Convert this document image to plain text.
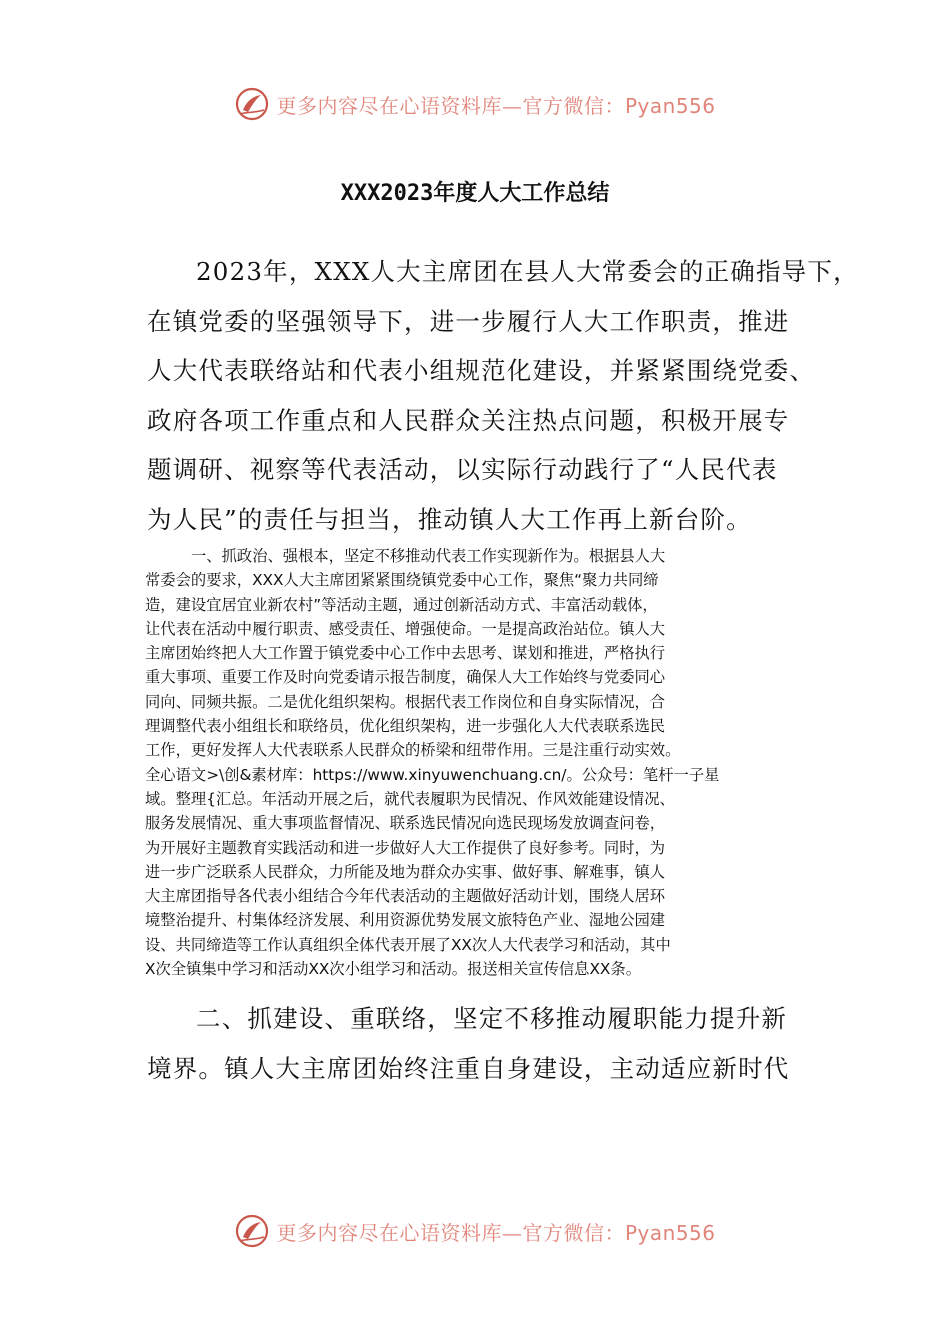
更多内容尽在心语资料库—官方微信：Pyan556
XXX2023年度人大工作总结
2023年，XXX人大主席团在县人大常委会的正确指导下，
在镇党委的坚强领导下，进一步履行人大工作职责，推进
人大代表联络站和代表小组规范化建设，并紧紧围绕党委、
政府各项工作重点和人民群众关注热点问题，积极开展专
题调研、视察等代表活动，以实际行动践行了“人民代表
为人民”的责任与担当，推动镇人大工作再上新台阶。
一、抓政治、强根本，坚定不移推动代表工作实现新作为。根据县人大
常委会的要求，XXX人大主席团紧紧围绕镇党委中心工作，聚焦“聚力共同缔
造，建设宜居宜业新农村”等活动主题，通过创新活动方式、丰富活动载体，
让代表在活动中履行职责、感受责任、增强使命。一是提高政治站位。镇人大
主席团始终把人大工作置于镇党委中心工作中去思考、谋划和推进，严格执行
重大事项、重要工作及时向党委请示报告制度，确保人大工作始终与党委同心
同向、同频共振。二是优化组织架构。根据代表工作岗位和自身实际情况，合
理调整代表小组组长和联络员，优化组织架构，进一步强化人大代表联系选民
工作，更好发挥人大代表联系人民群众的桥梁和纽带作用。三是注重行动实效。
全心语文>\创&素材库：https://www.xinyuwenchuang.cn/。公众号：笔杆一子星
域。整理{汇总。年活动开展之后，就代表履职为民情况、作风效能建设情况、
服务发展情况、重大事项监督情况、联系选民情况向选民现场发放调查问卷，
为开展好主题教育实践活动和进一步做好人大工作提供了良好参考。同时，为
进一步广泛联系人民群众，力所能及地为群众办实事、做好事、解难事，镇人
大主席团指导各代表小组结合今年代表活动的主题做好活动计划，围绕人居环
境整治提升、村集体经济发展、利用资源优势发展文旅特色产业、湿地公园建
设、共同缔造等工作认真组织全体代表开展了XX次人大代表学习和活动，其中
X次全镇集中学习和活动XX次小组学习和活动。报送相关宣传信息XX条。
二、抓建设、重联络，坚定不移推动履职能力提升新
境界。镇人大主席团始终注重自身建设，主动适应新时代
更多内容尽在心语资料库—官方微信：Pyan556
